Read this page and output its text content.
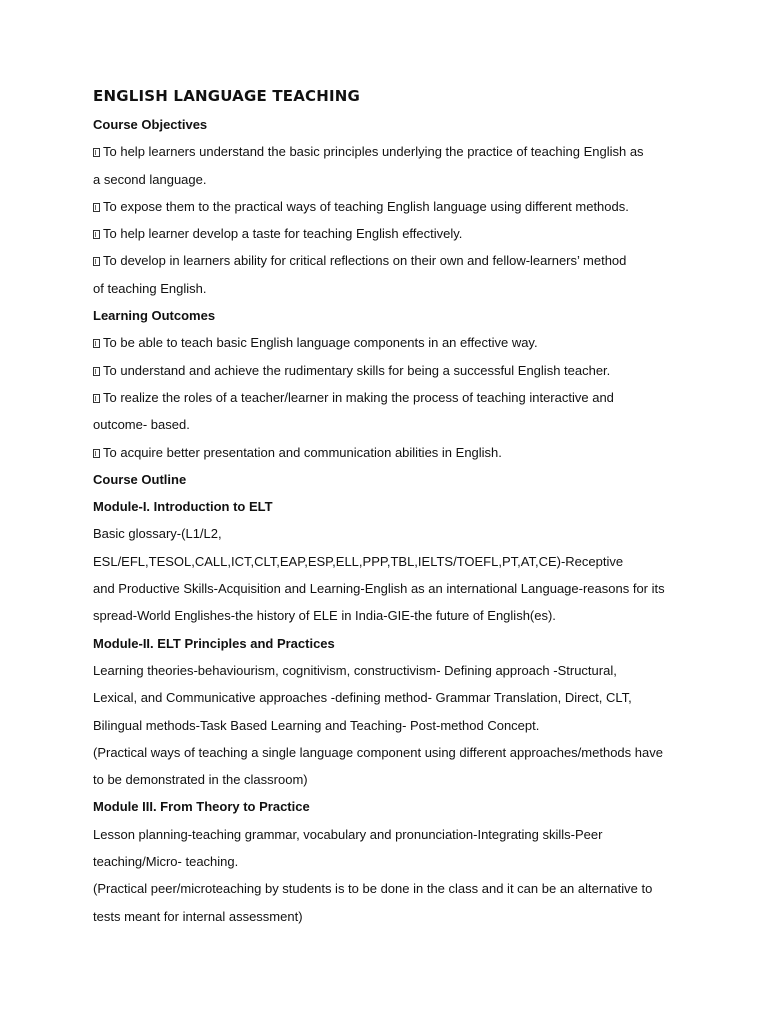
ENGLISH LANGUAGE TEACHING

Course Objectives

To help learners understand the basic principles underlying the practice of teaching English as

a second language.

To expose them to the practical ways of teaching English language using different methods.

To help learner develop a taste for teaching English effectively.

To develop in learners ability for critical reflections on their own and fellow-learners’ method

of teaching English.

Learning Outcomes

To be able to teach basic English language components in an effective way.

To understand and achieve the rudimentary skills for being a successful English teacher.

To realize the roles of a teacher/learner in making the process of teaching interactive and

outcome- based.

To acquire better presentation and communication abilities in English.

Course Outline

Module-I. Introduction to ELT

Basic glossary-(L1/L2,

ESL/EFL,TESOL,CALL,ICT,CLT,EAP,ESP,ELL,PPP,TBL,IELTS/TOEFL,PT,AT,CE)-Receptive

and Productive Skills-Acquisition and Learning-English as an international Language-reasons for its

spread-World Englishes-the history of ELE in India-GIE-the future of English(es).

Module-II. ELT Principles and Practices

Learning theories-behaviourism, cognitivism, constructivism- Defining approach -Structural,

Lexical, and Communicative approaches -defining method- Grammar Translation, Direct, CLT,

Bilingual methods-Task Based Learning and Teaching- Post-method Concept.

(Practical ways of teaching a single language component using different approaches/methods have

to be demonstrated in the classroom)

Module III. From Theory to Practice

Lesson planning-teaching grammar, vocabulary and pronunciation-Integrating skills-Peer

teaching/Micro- teaching.

(Practical peer/microteaching by students is to be done in the class and it can be an alternative to

tests meant for internal assessment)
